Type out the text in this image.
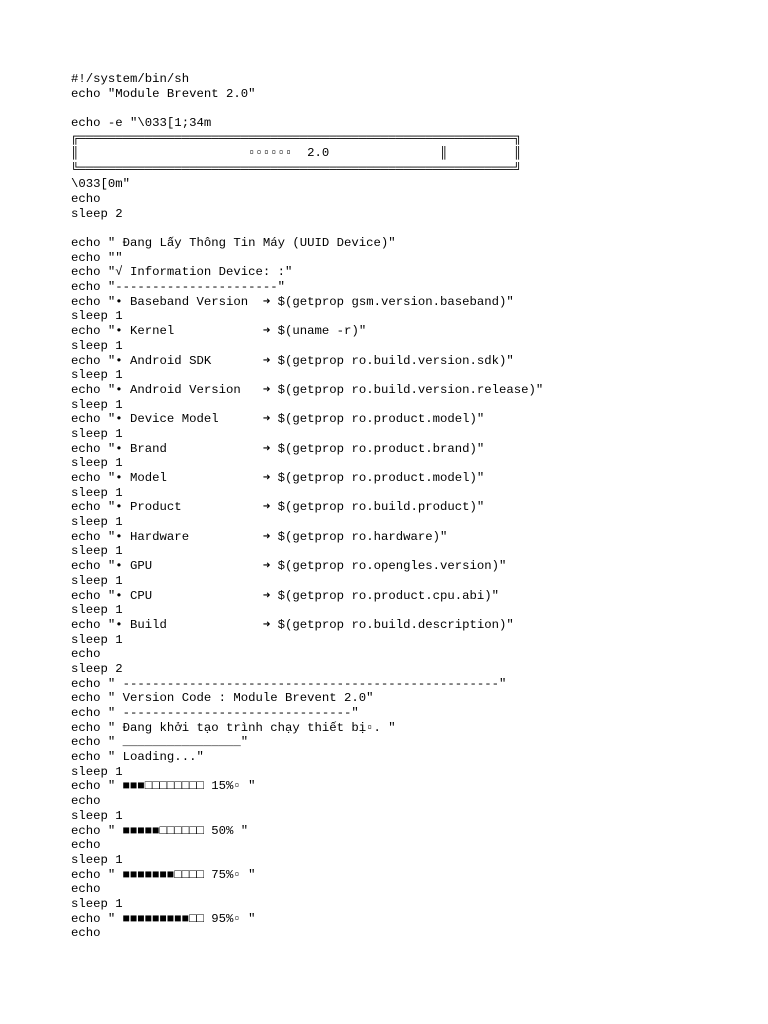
#!/system/bin/sh
echo "Module Brevent 2.0"
echo -e "\033[1;34m
╔═══════════════════════════════════════════════════════════╗
║                       ▫▫▫▫▫▫  2.0               ║         ║
╚═══════════════════════════════════════════════════════════╝
\033[0m"
echo
sleep 2
echo " Đang Lấy Thông Tin Máy (UUID Device)"
echo ""
echo "√ Information Device: :"
echo "----------------------"
echo "• Baseband Version  ➜ $(getprop gsm.version.baseband)"
sleep 1
echo "• Kernel            ➜ $(uname -r)"
sleep 1
echo "• Android SDK       ➜ $(getprop ro.build.version.sdk)"
sleep 1
echo "• Android Version   ➜ $(getprop ro.build.version.release)"
sleep 1
echo "• Device Model      ➜ $(getprop ro.product.model)"
sleep 1
echo "• Brand             ➜ $(getprop ro.product.brand)"
sleep 1
echo "• Model             ➜ $(getprop ro.product.model)"
sleep 1
echo "• Product           ➜ $(getprop ro.build.product)"
sleep 1
echo "• Hardware          ➜ $(getprop ro.hardware)"
sleep 1
echo "• GPU               ➜ $(getprop ro.opengles.version)"
sleep 1
echo "• CPU               ➜ $(getprop ro.product.cpu.abi)"
sleep 1
echo "• Build             ➜ $(getprop ro.build.description)"
sleep 1
echo
sleep 2
echo " ---------------------------------------------------"
echo " Version Code : Module Brevent 2.0"
echo " -------------------------------"
echo " Đang khởi tạo trình chạy thiết bị▫. "
echo " ________________"
echo " Loading..."
sleep 1
echo " ■■■□□□□□□□□ 15%▫ "
echo
sleep 1
echo " ■■■■■□□□□□□ 50% "
echo
sleep 1
echo " ■■■■■■■□□□□ 75%▫ "
echo
sleep 1
echo " ■■■■■■■■■□□ 95%▫ "
echo
